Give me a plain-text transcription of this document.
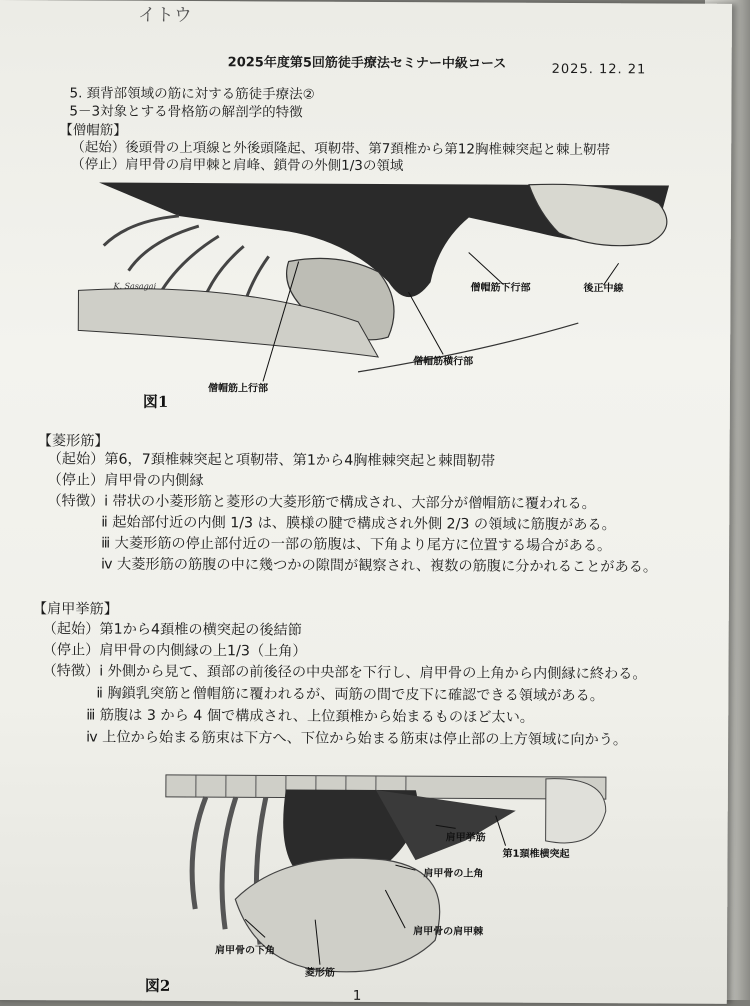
イトウ
2025年度第5回筋徒手療法セミナー中級コース	2025. 12. 21
5. 頚背部領域の筋に対する筋徒手療法②
5－3対象とする骨格筋の解剖学的特徴
【僧帽筋】
（起始）後頭骨の上項線と外後頭隆起、項靭帯、第7頚椎から第12胸椎棘突起と棘上靭帯
（停止）肩甲骨の肩甲棘と肩峰、鎖骨の外側1/3の領域
K. Sasagai	僧帽筋下行部	後正中線
僧帽筋横行部
僧帽筋上行部
図1
【菱形筋】
（起始）第6，7頚椎棘突起と項靭帯、第1から4胸椎棘突起と棘間靭帯
（停止）肩甲骨の内側縁
（特徴）ⅰ 帯状の小菱形筋と菱形の大菱形筋で構成され、大部分が僧帽筋に覆われる。
ⅱ 起始部付近の内側 1/3 は、膜様の腱で構成され外側 2/3 の領域に筋腹がある。
ⅲ 大菱形筋の停止部付近の一部の筋腹は、下角より尾方に位置する場合がある。
ⅳ 大菱形筋の筋腹の中に幾つかの隙間が観察され、複数の筋腹に分かれることがある。
【肩甲挙筋】
（起始）第1から4頚椎の横突起の後結節
（停止）肩甲骨の内側縁の上1/3（上角）
（特徴）ⅰ 外側から見て、頚部の前後径の中央部を下行し、肩甲骨の上角から内側縁に終わる。
ⅱ 胸鎖乳突筋と僧帽筋に覆われるが、両筋の間で皮下に確認できる領域がある。
ⅲ 筋腹は 3 から 4 個で構成され、上位頚椎から始まるものほど太い。
ⅳ 上位から始まる筋束は下方へ、下位から始まる筋束は停止部の上方領域に向かう。
肩甲挙筋
第1頚椎横突起
肩甲骨の上角
肩甲骨の肩甲棘
肩甲骨の下角
菱形筋
図2
1
